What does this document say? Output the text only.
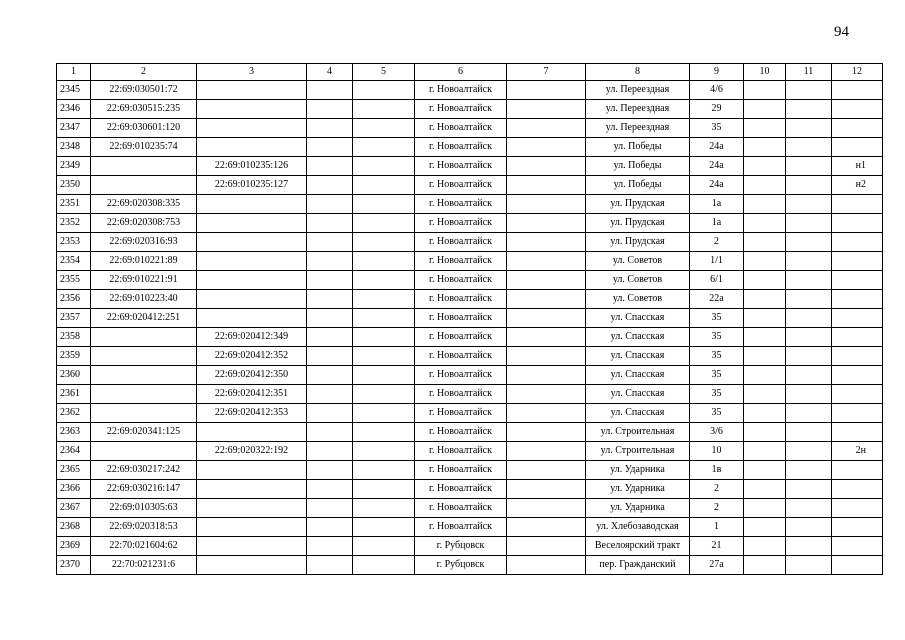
94
1	2	3	4	5	6	7	8	9	10	11	12
2345	22:69:030501:72				г. Новоалтайск		ул. Переездная	4/6			
2346	22:69:030515:235				г. Новоалтайск		ул. Переездная	29			
2347	22:69:030601:120				г. Новоалтайск		ул. Переездная	35			
2348	22:69:010235:74				г. Новоалтайск		ул. Победы	24а			
2349		22:69:010235:126			г. Новоалтайск		ул. Победы	24а			н1
2350		22:69:010235:127			г. Новоалтайск		ул. Победы	24а			н2
2351	22:69:020308:335				г. Новоалтайск		ул. Прудская	1а			
2352	22:69:020308:753				г. Новоалтайск		ул. Прудская	1а			
2353	22:69:020316:93				г. Новоалтайск		ул. Прудская	2			
2354	22:69:010221:89				г. Новоалтайск		ул. Советов	1/1			
2355	22:69:010221:91				г. Новоалтайск		ул. Советов	6/1			
2356	22:69:010223:40				г. Новоалтайск		ул. Советов	22а			
2357	22:69:020412:251				г. Новоалтайск		ул. Спасская	35			
2358		22:69:020412:349			г. Новоалтайск		ул. Спасская	35			
2359		22:69:020412:352			г. Новоалтайск		ул. Спасская	35			
2360		22:69:020412:350			г. Новоалтайск		ул. Спасская	35			
2361		22:69:020412:351			г. Новоалтайск		ул. Спасская	35			
2362		22:69:020412:353			г. Новоалтайск		ул. Спасская	35			
2363	22:69:020341:125				г. Новоалтайск		ул. Строительная	3/6			
2364		22:69:020322:192			г. Новоалтайск		ул. Строительная	10			2н
2365	22:69:030217:242				г. Новоалтайск		ул. Ударника	1в			
2366	22:69:030216:147				г. Новоалтайск		ул. Ударника	2			
2367	22:69:010305:63				г. Новоалтайск		ул. Ударника	2			
2368	22:69:020318:53				г. Новоалтайск		ул. Хлебозаводская	1			
2369	22:70:021604:62				г. Рубцовск		Веселоярский тракт	21			
2370	22:70:021231:6				г. Рубцовск		пер. Гражданский	27а			
